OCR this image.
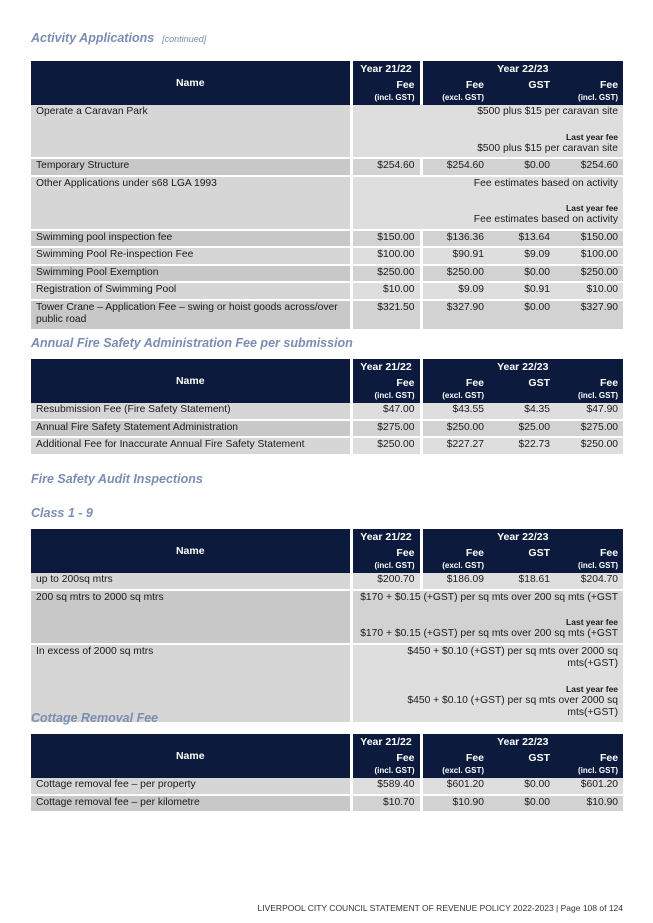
Activity Applications [continued]
Name	Year 21/22	Year 22/23		
	Fee	Fee	GST	Fee
	(incl. GST)	(excl. GST)		(incl. GST)
Operate a Caravan Park	$500 plus $15 per caravan site
Last year fee
$500 plus $15 per caravan site			

Temporary Structure	$254.60	$254.60	$0.00	$254.60
Other Applications under s68 LGA 1993	Fee estimates based on activity
Last year fee
Fee estimates based on activity			

Swimming pool inspection fee	$150.00	$136.36	$13.64	$150.00
Swimming Pool Re-inspection Fee	$100.00	$90.91	$9.09	$100.00
Swimming Pool Exemption	$250.00	$250.00	$0.00	$250.00
Registration of Swimming Pool	$10.00	$9.09	$0.91	$10.00
Tower Crane – Application Fee – swing or hoist goods across/over public road	$321.50	$327.90	$0.00	$327.90
Annual Fire Safety Administration Fee per submission
Name	Year 21/22	Year 22/23		
	Fee	Fee	GST	Fee
	(incl. GST)	(excl. GST)		(incl. GST)
Resubmission Fee (Fire Safety Statement)	$47.00	$43.55	$4.35	$47.90
Annual Fire Safety Statement Administration	$275.00	$250.00	$25.00	$275.00
Additional Fee for Inaccurate Annual Fire Safety Statement	$250.00	$227.27	$22.73	$250.00
Fire Safety Audit Inspections
Class 1 - 9
Name	Year 21/22	Year 22/23		
	Fee	Fee	GST	Fee
	(incl. GST)	(excl. GST)		(incl. GST)
up to 200sq mtrs	$200.70	$186.09	$18.61	$204.70
200 sq mtrs to 2000 sq mtrs	$170 + $0.15 (+GST) per sq mts over 200 sq mts (+GST
Last year fee
$170 + $0.15 (+GST) per sq mts over 200 sq mts (+GST			

In excess of 2000 sq mtrs	$450 + $0.10 (+GST) per sq mts over 2000 sq mts(+GST)
Last year fee
$450 + $0.10 (+GST) per sq mts over 2000 sq mts(+GST)			
Cottage Removal Fee
Name	Year 21/22	Year 22/23		
	Fee	Fee	GST	Fee
	(incl. GST)	(excl. GST)		(incl. GST)
Cottage removal fee – per property	$589.40	$601.20	$0.00	$601.20
Cottage removal fee – per kilometre	$10.70	$10.90	$0.00	$10.90
LIVERPOOL CITY COUNCIL STATEMENT OF REVENUE POLICY 2022-2023 | Page 108 of 124
